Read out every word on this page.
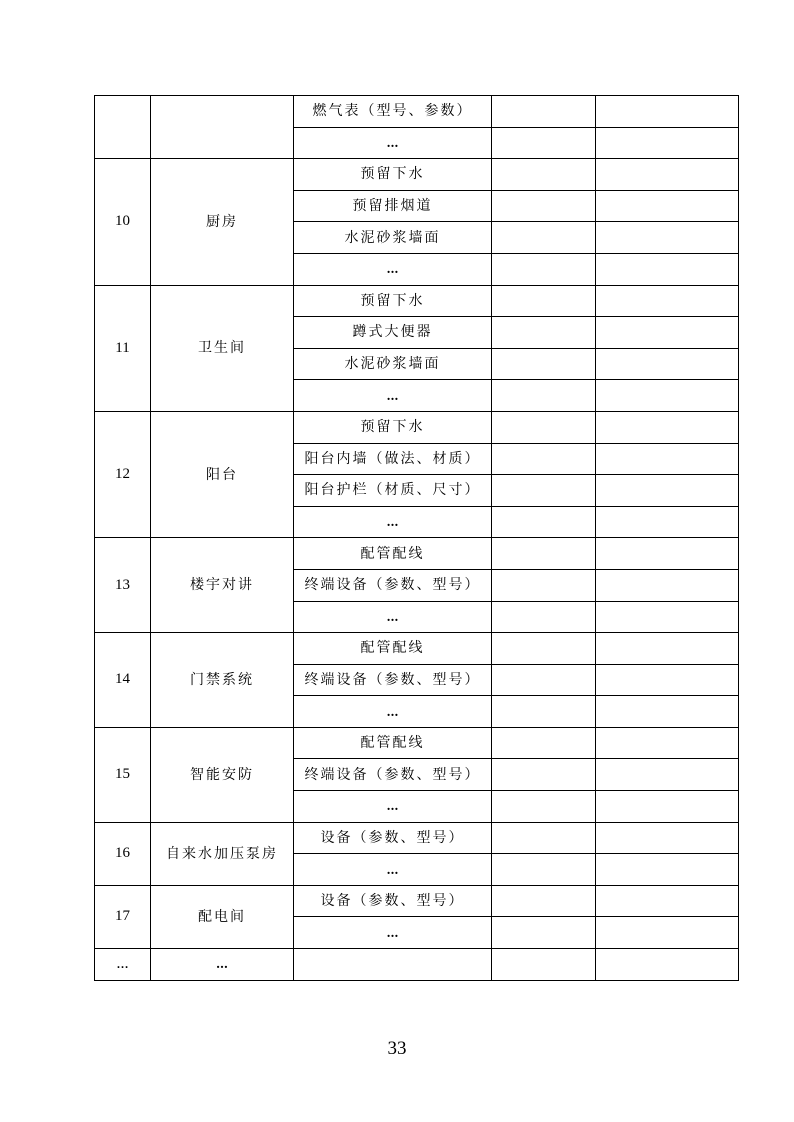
		燃气表（型号、参数）		
		…		
10	厨房	预留下水		
		预留排烟道		
		水泥砂浆墙面		
		…		
11	卫生间	预留下水		
		蹲式大便器		
		水泥砂浆墙面		
		…		
12	阳台	预留下水		
		阳台内墙（做法、材质）		
		阳台护栏（材质、尺寸）		
		…		
13	楼宇对讲	配管配线		
		终端设备（参数、型号）		
		…		
14	门禁系统	配管配线		
		终端设备（参数、型号）		
		…		
15	智能安防	配管配线		
		终端设备（参数、型号）		
		…		
16	自来水加压泵房	设备（参数、型号）		
		…		
17	配电间	设备（参数、型号）		
		…		
…	…			
33
